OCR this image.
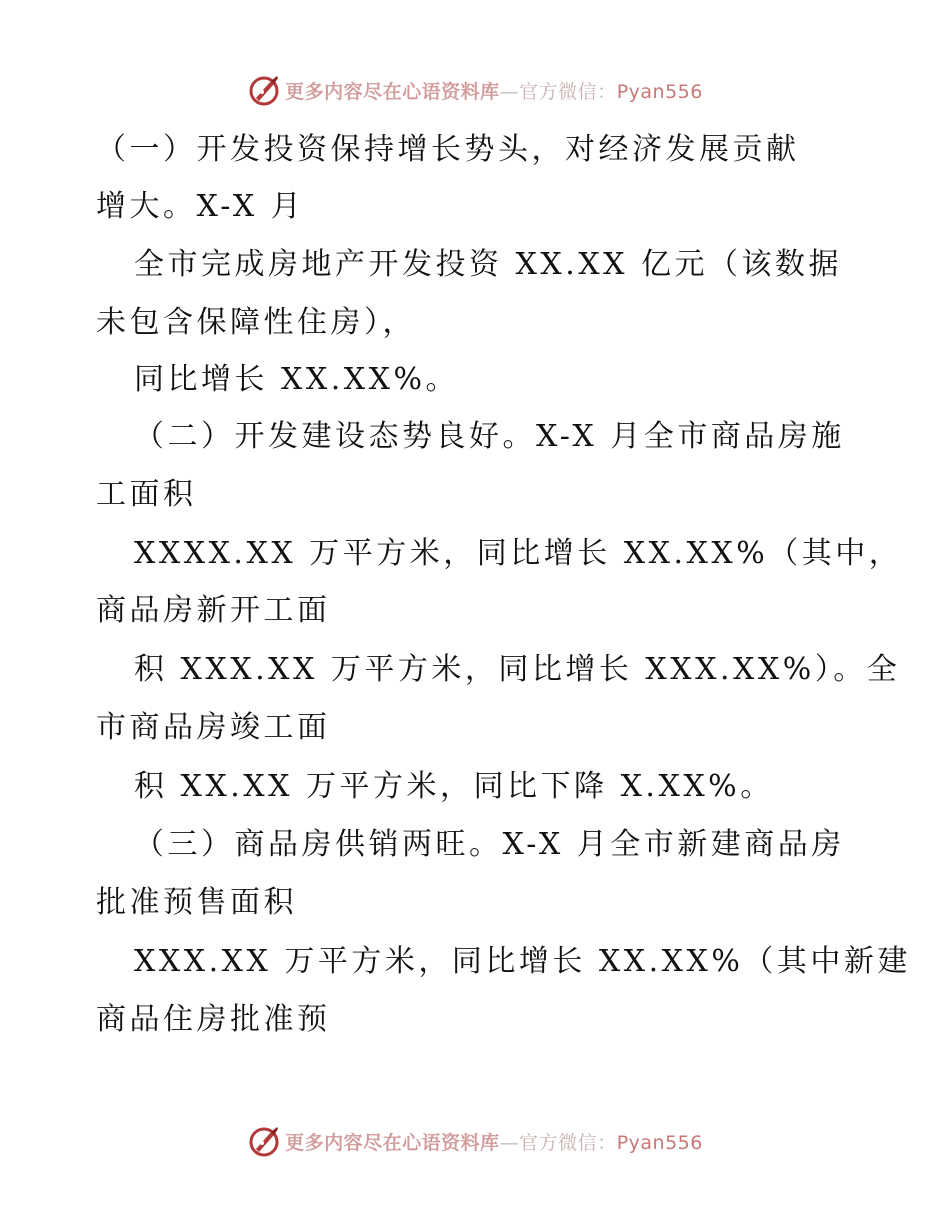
更多内容尽在心语资料库—官方微信：Pyan556
（一）开发投资保持增长势头，对经济发展贡献
增大。X-X 月
全市完成房地产开发投资 XX.XX 亿元（该数据
未包含保障性住房），
同比增长 XX.XX%。
（二）开发建设态势良好。X-X 月全市商品房施
工面积
XXXX.XX 万平方米，同比增长 XX.XX%（其中，
商品房新开工面
积 XXX.XX 万平方米，同比增长 XXX.XX%）。全
市商品房竣工面
积 XX.XX 万平方米，同比下降 X.XX%。
（三）商品房供销两旺。X-X 月全市新建商品房
批准预售面积
XXX.XX 万平方米，同比增长 XX.XX%（其中新建
商品住房批准预
更多内容尽在心语资料库—官方微信：Pyan556
